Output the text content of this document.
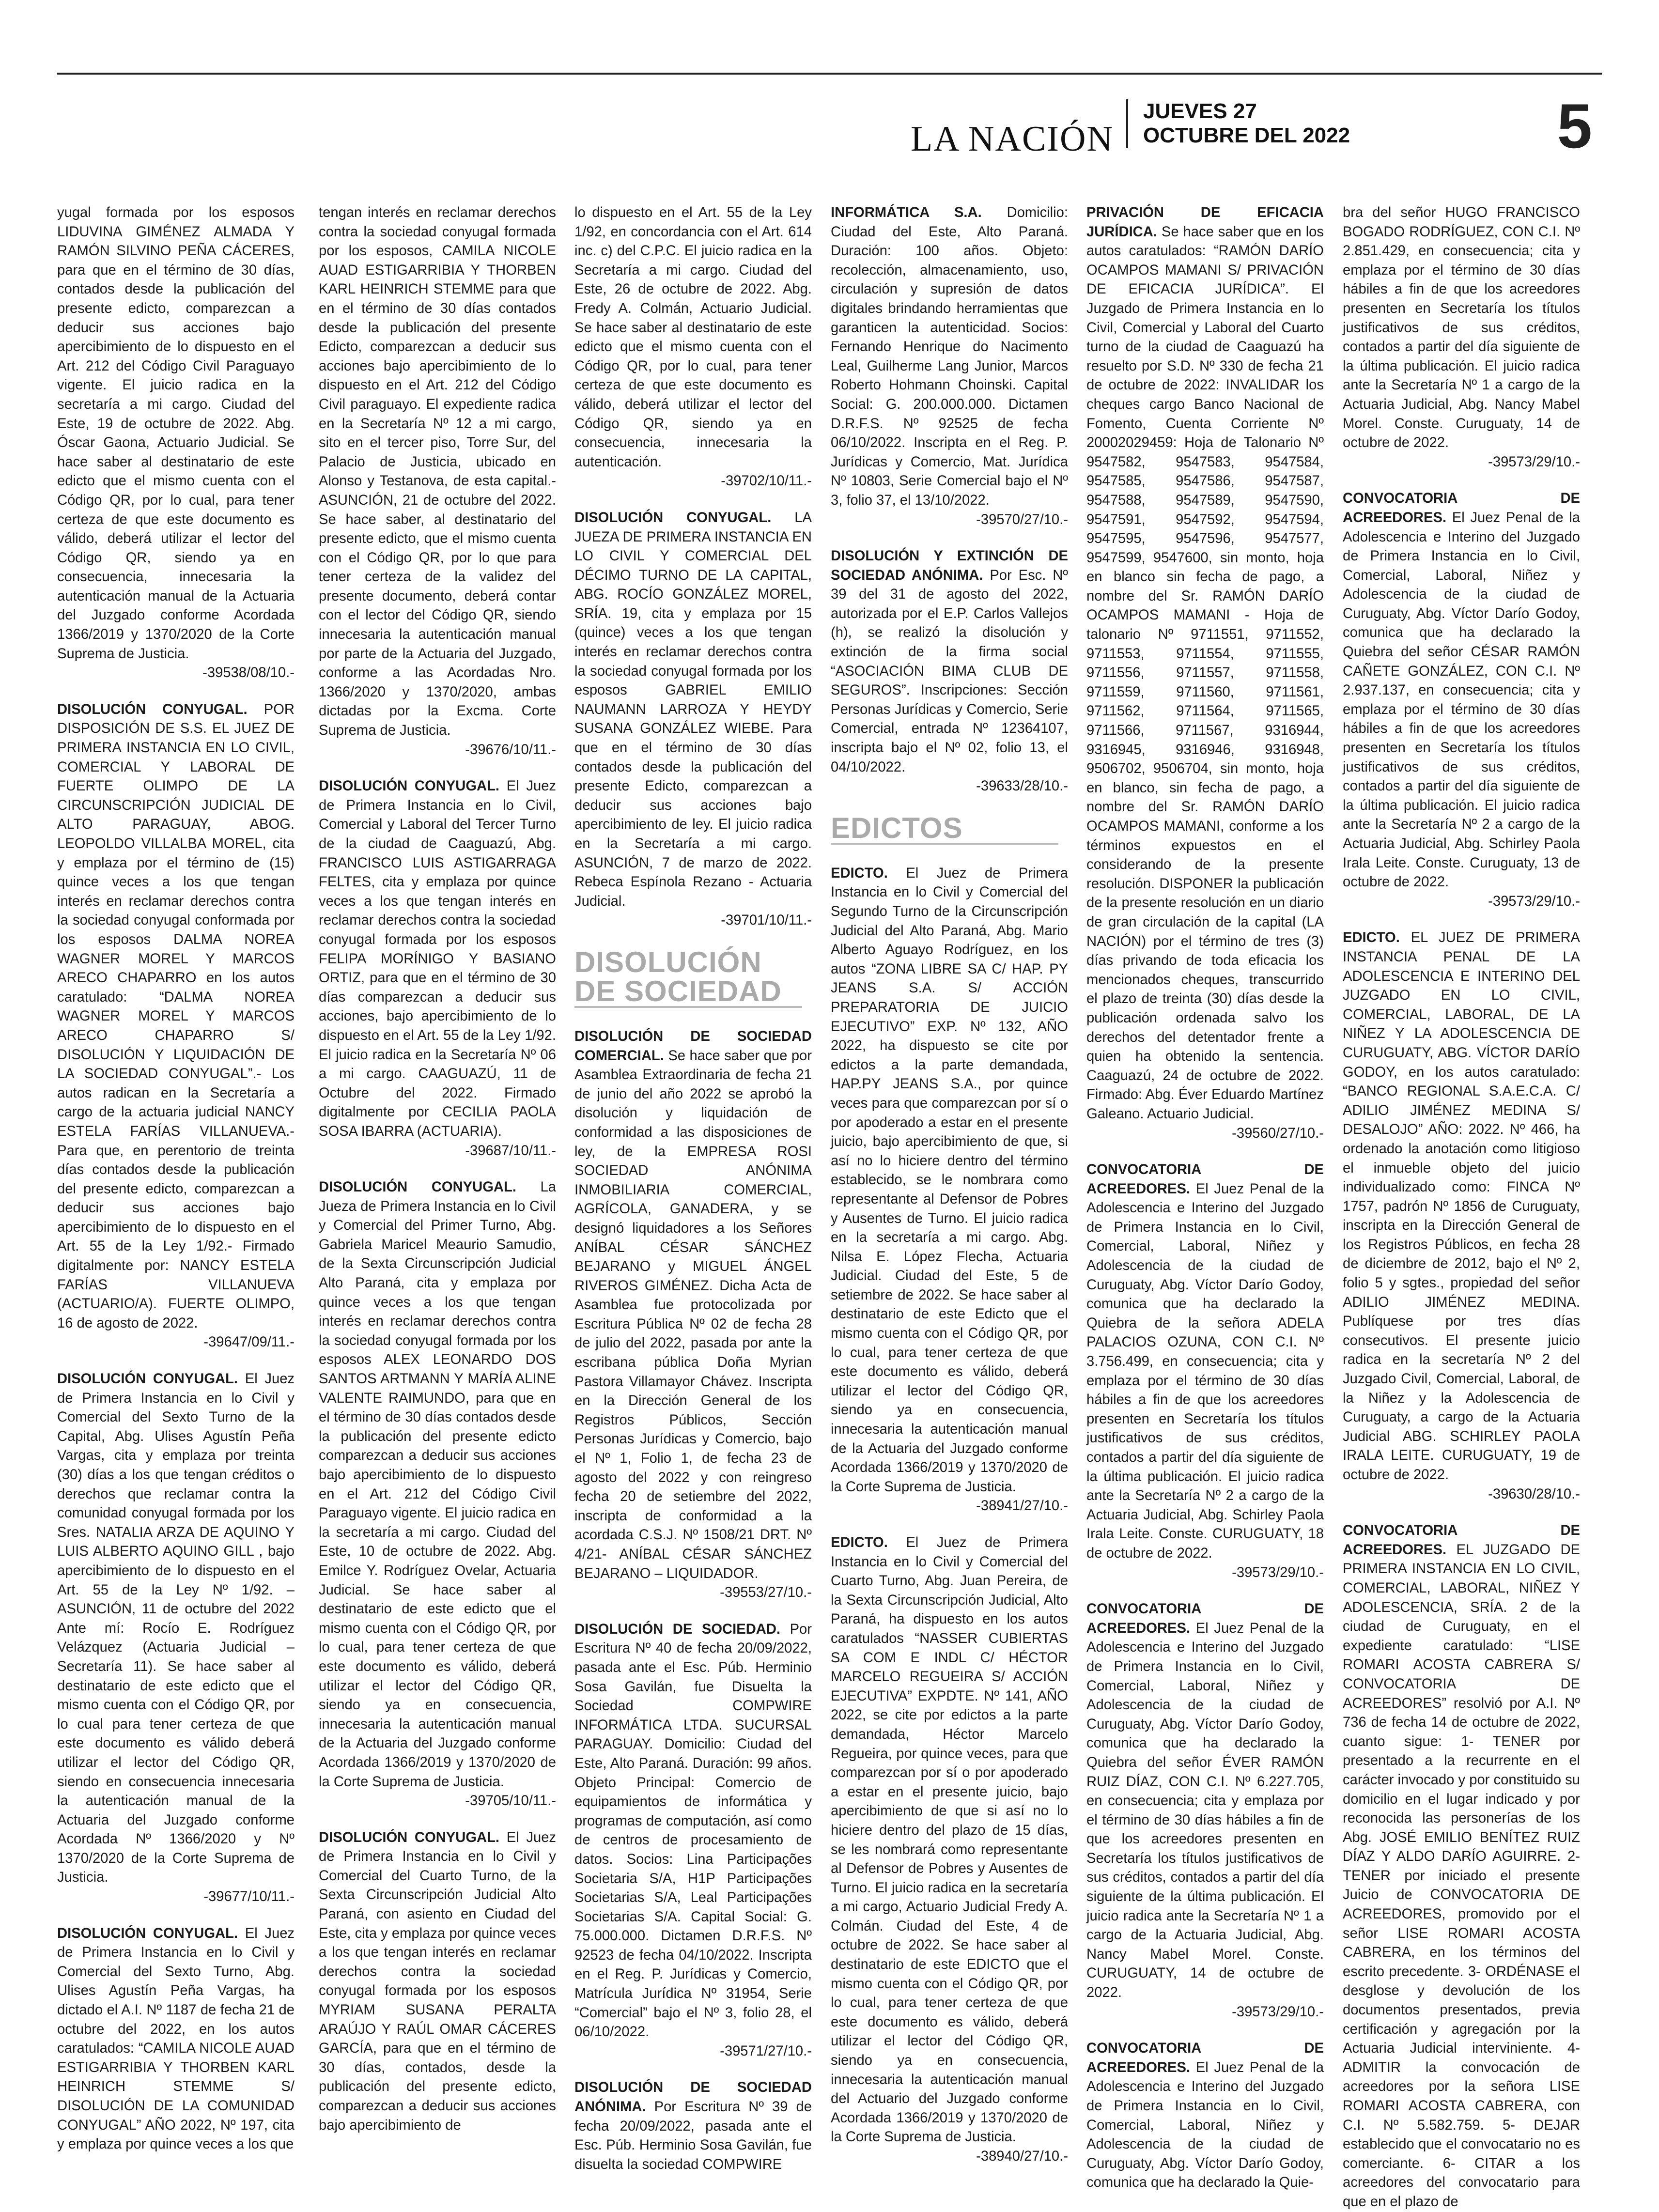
LA NACIÓN
JUEVES 27
OCTUBRE DEL 2022	5

yugal formada por los esposos LIDUVINA GIMÉNEZ ALMADA Y RAMÓN SILVINO PEÑA CÁCERES, para que en el término de 30 días, contados desde la publicación del presente edicto, comparezcan a deducir sus acciones bajo apercibimiento de lo dispuesto en el Art. 212 del Código Civil Paraguayo vigente. El juicio radica en la secretaría a mi cargo. Ciudad del Este, 19 de octubre de 2022. Abg. Óscar Gaona, Actuario Judicial. Se hace saber al destinatario de este edicto que el mismo cuenta con el Código QR, por lo cual, para tener certeza de que este documento es válido, deberá utilizar el lector del Código QR, siendo ya en consecuencia, innecesaria la autenticación manual de la Actuaria del Juzgado conforme Acordada 1366/2019 y 1370/2020 de la Corte Suprema de Justicia.
-39538/08/10.-

DISOLUCIÓN CONYUGAL. POR DISPOSICIÓN DE S.S. EL JUEZ DE PRIMERA INSTANCIA EN LO CIVIL, COMERCIAL Y LABORAL DE FUERTE OLIMPO DE LA CIRCUNSCRIPCIÓN JUDICIAL DE ALTO PARAGUAY, ABOG. LEOPOLDO VILLALBA MOREL, cita y emplaza por el término de (15) quince veces a los que tengan interés en reclamar derechos contra la sociedad conyugal conformada por los esposos DALMA NOREA WAGNER MOREL Y MARCOS ARECO CHAPARRO en los autos caratulado: “DALMA NOREA WAGNER MOREL Y MARCOS ARECO CHAPARRO S/ DISOLUCIÓN Y LIQUIDACIÓN DE LA SOCIEDAD CONYUGAL”.- Los autos radican en la Secretaría a cargo de la actuaria judicial NANCY ESTELA FARÍAS VILLANUEVA.- Para que, en perentorio de treinta días contados desde la publicación del presente edicto, comparezcan a deducir sus acciones bajo apercibimiento de lo dispuesto en el Art. 55 de la Ley 1/92.- Firmado digitalmente por: NANCY ESTELA FARÍAS VILLANUEVA (ACTUARIO/A). FUERTE OLIMPO, 16 de agosto de 2022.
-39647/09/11.-

DISOLUCIÓN CONYUGAL. El Juez de Primera Instancia en lo Civil y Comercial del Sexto Turno de la Capital, Abg. Ulises Agustín Peña Vargas, cita y emplaza por treinta (30) días a los que tengan créditos o derechos que reclamar contra la comunidad conyugal formada por los Sres. NATALIA ARZA DE AQUINO Y LUIS ALBERTO AQUINO GILL , bajo apercibimiento de lo dispuesto en el Art. 55 de la Ley Nº 1/92. – ASUNCIÓN, 11 de octubre del 2022 Ante mí: Rocío E. Rodríguez Velázquez (Actuaria Judicial – Secretaría 11). Se hace saber al destinatario de este edicto que el mismo cuenta con el Código QR, por lo cual para tener certeza de que este documento es válido deberá utilizar el lector del Código QR, siendo en consecuencia innecesaria la autenticación manual de la Actuaria del Juzgado conforme Acordada Nº 1366/2020 y Nº 1370/2020 de la Corte Suprema de Justicia.
-39677/10/11.-

DISOLUCIÓN CONYUGAL. El Juez de Primera Instancia en lo Civil y Comercial del Sexto Turno, Abg. Ulises Agustín Peña Vargas, ha dictado el A.I. Nº 1187 de fecha 21 de octubre del 2022, en los autos caratulados: “CAMILA NICOLE AUAD ESTIGARRIBIA Y THORBEN KARL HEINRICH STEMME S/ DISOLUCIÓN DE LA COMUNIDAD CONYUGAL” AÑO 2022, Nº 197, cita y emplaza por quince veces a los que

tengan interés en reclamar derechos contra la sociedad conyugal formada por los esposos, CAMILA NICOLE AUAD ESTIGARRIBIA Y THORBEN KARL HEINRICH STEMME para que en el término de 30 días contados desde la publicación del presente Edicto, comparezcan a deducir sus acciones bajo apercibimiento de lo dispuesto en el Art. 212 del Código Civil paraguayo. El expediente radica en la Secretaría Nº 12 a mi cargo, sito en el tercer piso, Torre Sur, del Palacio de Justicia, ubicado en Alonso y Testanova, de esta capital.- ASUNCIÓN, 21 de octubre del 2022. Se hace saber, al destinatario del presente edicto, que el mismo cuenta con el Código QR, por lo que para tener certeza de la validez del presente documento, deberá contar con el lector del Código QR, siendo innecesaria la autenticación manual por parte de la Actuaria del Juzgado, conforme a las Acordadas Nro. 1366/2020 y 1370/2020, ambas dictadas por la Excma. Corte Suprema de Justicia.
-39676/10/11.-

DISOLUCIÓN CONYUGAL. El Juez de Primera Instancia en lo Civil, Comercial y Laboral del Tercer Turno de la ciudad de Caaguazú, Abg. FRANCISCO LUIS ASTIGARRAGA FELTES, cita y emplaza por quince veces a los que tengan interés en reclamar derechos contra la sociedad conyugal formada por los esposos FELIPA MORÍNIGO Y BASIANO ORTIZ, para que en el término de 30 días comparezcan a deducir sus acciones, bajo apercibimiento de lo dispuesto en el Art. 55 de la Ley 1/92. El juicio radica en la Secretaría Nº 06 a mi cargo. CAAGUAZÚ, 11 de Octubre del 2022. Firmado digitalmente por CECILIA PAOLA SOSA IBARRA (ACTUARIA).
-39687/10/11.-

DISOLUCIÓN CONYUGAL. La Jueza de Primera Instancia en lo Civil y Comercial del Primer Turno, Abg. Gabriela Maricel Meaurio Samudio, de la Sexta Circunscripción Judicial Alto Paraná, cita y emplaza por quince veces a los que tengan interés en reclamar derechos contra la sociedad conyugal formada por los esposos ALEX LEONARDO DOS SANTOS ARTMANN Y MARÍA ALINE VALENTE RAIMUNDO, para que en el término de 30 días contados desde la publicación del presente edicto comparezcan a deducir sus acciones bajo apercibimiento de lo dispuesto en el Art. 212 del Código Civil Paraguayo vigente. El juicio radica en la secretaría a mi cargo. Ciudad del Este, 10 de octubre de 2022. Abg. Emilce Y. Rodríguez Ovelar, Actuaria Judicial. Se hace saber al destinatario de este edicto que el mismo cuenta con el Código QR, por lo cual, para tener certeza de que este documento es válido, deberá utilizar el lector del Código QR, siendo ya en consecuencia, innecesaria la autenticación manual de la Actuaria del Juzgado conforme Acordada 1366/2019 y 1370/2020 de la Corte Suprema de Justicia.
-39705/10/11.-

DISOLUCIÓN CONYUGAL. El Juez de Primera Instancia en lo Civil y Comercial del Cuarto Turno, de la Sexta Circunscripción Judicial Alto Paraná, con asiento en Ciudad del Este, cita y emplaza por quince veces a los que tengan interés en reclamar derechos contra la sociedad conyugal formada por los esposos MYRIAM SUSANA PERALTA ARAÚJO Y RAÚL OMAR CÁCERES GARCÍA, para que en el término de 30 días, contados, desde la publicación del presente edicto, comparezcan a deducir sus acciones bajo apercibimiento de

lo dispuesto en el Art. 55 de la Ley 1/92, en concordancia con el Art. 614 inc. c) del C.P.C. El juicio radica en la Secretaría a mi cargo. Ciudad del Este, 26 de octubre de 2022. Abg. Fredy A. Colmán, Actuario Judicial. Se hace saber al destinatario de este edicto que el mismo cuenta con el Código QR, por lo cual, para tener certeza de que este documento es válido, deberá utilizar el lector del Código QR, siendo ya en consecuencia, innecesaria la autenticación.
-39702/10/11.-

DISOLUCIÓN CONYUGAL. LA JUEZA DE PRIMERA INSTANCIA EN LO CIVIL Y COMERCIAL DEL DÉCIMO TURNO DE LA CAPITAL, ABG. ROCÍO GONZÁLEZ MOREL, SRÍA. 19, cita y emplaza por 15 (quince) veces a los que tengan interés en reclamar derechos contra la sociedad conyugal formada por los esposos GABRIEL EMILIO NAUMANN LARROZA Y HEYDY SUSANA GONZÁLEZ WIEBE. Para que en el término de 30 días contados desde la publicación del presente Edicto, comparezcan a deducir sus acciones bajo apercibimiento de ley. El juicio radica en la Secretaría a mi cargo. ASUNCIÓN, 7 de marzo de 2022. Rebeca Espínola Rezano - Actuaria Judicial.
-39701/10/11.-

DISOLUCIÓN DE SOCIEDAD

DISOLUCIÓN DE SOCIEDAD COMERCIAL. Se hace saber que por Asamblea Extraordinaria de fecha 21 de junio del año 2022 se aprobó la disolución y liquidación de conformidad a las disposiciones de ley, de la EMPRESA ROSI SOCIEDAD ANÓNIMA INMOBILIARIA COMERCIAL, AGRÍCOLA, GANADERA, y se designó liquidadores a los Señores ANÍBAL CÉSAR SÁNCHEZ BEJARANO y MIGUEL ÁNGEL RIVEROS GIMÉNEZ. Dicha Acta de Asamblea fue protocolizada por Escritura Pública Nº 02 de fecha 28 de julio del 2022, pasada por ante la escribana pública Doña Myrian Pastora Villamayor Chávez. Inscripta en la Dirección General de los Registros Públicos, Sección Personas Jurídicas y Comercio, bajo el Nº 1, Folio 1, de fecha 23 de agosto del 2022 y con reingreso fecha 20 de setiembre del 2022, inscripta de conformidad a la acordada C.S.J. Nº 1508/21 DRT. Nº 4/21- ANÍBAL CÉSAR SÁNCHEZ BEJARANO – LIQUIDADOR.
-39553/27/10.-

DISOLUCIÓN DE SOCIEDAD. Por Escritura Nº 40 de fecha 20/09/2022, pasada ante el Esc. Púb. Herminio Sosa Gavilán, fue Disuelta la Sociedad COMPWIRE INFORMÁTICA LTDA. SUCURSAL PARAGUAY. Domicilio: Ciudad del Este, Alto Paraná. Duración: 99 años. Objeto Principal: Comercio de equipamientos de informática y programas de computación, así como de centros de procesamiento de datos. Socios: Lina Participações Societaria S/A, H1P Participações Societarias S/A, Leal Participações Societarias S/A. Capital Social: G. 75.000.000. Dictamen D.R.F.S. Nº 92523 de fecha 04/10/2022. Inscripta en el Reg. P. Jurídicas y Comercio, Matrícula Jurídica Nº 31954, Serie “Comercial” bajo el Nº 3, folio 28, el 06/10/2022.
-39571/27/10.-

DISOLUCIÓN DE SOCIEDAD ANÓNIMA. Por Escritura Nº 39 de fecha 20/09/2022, pasada ante el Esc. Púb. Herminio Sosa Gavilán, fue disuelta la sociedad COMPWIRE

INFORMÁTICA S.A. Domicilio: Ciudad del Este, Alto Paraná. Duración: 100 años. Objeto: recolección, almacenamiento, uso, circulación y supresión de datos digitales brindando herramientas que garanticen la autenticidad. Socios: Fernando Henrique do Nacimento Leal, Guilherme Lang Junior, Marcos Roberto Hohmann Choinski. Capital Social: G. 200.000.000. Dictamen D.R.F.S. Nº 92525 de fecha 06/10/2022. Inscripta en el Reg. P. Jurídicas y Comercio, Mat. Jurídica Nº 10803, Serie Comercial bajo el Nº 3, folio 37, el 13/10/2022.
-39570/27/10.-

DISOLUCIÓN Y EXTINCIÓN DE SOCIEDAD ANÓNIMA. Por Esc. Nº 39 del 31 de agosto del 2022, autorizada por el E.P. Carlos Vallejos (h), se realizó la disolución y extinción de la firma social “ASOCIACIÓN BIMA CLUB DE SEGUROS”. Inscripciones: Sección Personas Jurídicas y Comercio, Serie Comercial, entrada Nº 12364107, inscripta bajo el Nº 02, folio 13, el 04/10/2022.
-39633/28/10.-

EDICTOS

EDICTO. El Juez de Primera Instancia en lo Civil y Comercial del Segundo Turno de la Circunscripción Judicial del Alto Paraná, Abg. Mario Alberto Aguayo Rodríguez, en los autos “ZONA LIBRE SA C/ HAP. PY JEANS S.A. S/ ACCIÓN PREPARATORIA DE JUICIO EJECUTIVO” EXP. Nº 132, AÑO 2022, ha dispuesto se cite por edictos a la parte demandada, HAP.PY JEANS S.A., por quince veces para que comparezcan por sí o por apoderado a estar en el presente juicio, bajo apercibimiento de que, si así no lo hiciere dentro del término establecido, se le nombrara como representante al Defensor de Pobres y Ausentes de Turno. El juicio radica en la secretaría a mi cargo. Abg. Nilsa E. López Flecha, Actuaria Judicial. Ciudad del Este, 5 de setiembre de 2022. Se hace saber al destinatario de este Edicto que el mismo cuenta con el Código QR, por lo cual, para tener certeza de que este documento es válido, deberá utilizar el lector del Código QR, siendo ya en consecuencia, innecesaria la autenticación manual de la Actuaria del Juzgado conforme Acordada 1366/2019 y 1370/2020 de la Corte Suprema de Justicia.
-38941/27/10.-

EDICTO. El Juez de Primera Instancia en lo Civil y Comercial del Cuarto Turno, Abg. Juan Pereira, de la Sexta Circunscripción Judicial, Alto Paraná, ha dispuesto en los autos caratulados “NASSER CUBIERTAS SA COM E INDL C/ HÉCTOR MARCELO REGUEIRA S/ ACCIÓN EJECUTIVA” EXPDTE. Nº 141, AÑO 2022, se cite por edictos a la parte demandada, Héctor Marcelo Regueira, por quince veces, para que comparezcan por sí o por apoderado a estar en el presente juicio, bajo apercibimiento de que si así no lo hiciere dentro del plazo de 15 días, se les nombrará como representante al Defensor de Pobres y Ausentes de Turno. El juicio radica en la secretaría a mi cargo, Actuario Judicial Fredy A. Colmán. Ciudad del Este, 4 de octubre de 2022. Se hace saber al destinatario de este EDICTO que el mismo cuenta con el Código QR, por lo cual, para tener certeza de que este documento es válido, deberá utilizar el lector del Código QR, siendo ya en consecuencia, innecesaria la autenticación manual del Actuario del Juzgado conforme Acordada 1366/2019 y 1370/2020 de la Corte Suprema de Justicia.
-38940/27/10.-

PRIVACIÓN DE EFICACIA JURÍDICA. Se hace saber que en los autos caratulados: “RAMÓN DARÍO OCAMPOS MAMANI S/ PRIVACIÓN DE EFICACIA JURÍDICA”. El Juzgado de Primera Instancia en lo Civil, Comercial y Laboral del Cuarto turno de la ciudad de Caaguazú ha resuelto por S.D. Nº 330 de fecha 21 de octubre de 2022: INVALIDAR los cheques cargo Banco Nacional de Fomento, Cuenta Corriente Nº 20002029459: Hoja de Talonario Nº 9547582, 9547583, 9547584, 9547585, 9547586, 9547587, 9547588, 9547589, 9547590, 9547591, 9547592, 9547594, 9547595, 9547596, 9547577, 9547599, 9547600, sin monto, hoja en blanco sin fecha de pago, a nombre del Sr. RAMÓN DARÍO OCAMPOS MAMANI - Hoja de talonario Nº 9711551, 9711552, 9711553, 9711554, 9711555, 9711556, 9711557, 9711558, 9711559, 9711560, 9711561, 9711562, 9711564, 9711565, 9711566, 9711567, 9316944, 9316945, 9316946, 9316948, 9506702, 9506704, sin monto, hoja en blanco, sin fecha de pago, a nombre del Sr. RAMÓN DARÍO OCAMPOS MAMANI, conforme a los términos expuestos en el considerando de la presente resolución. DISPONER la publicación de la presente resolución en un diario de gran circulación de la capital (LA NACIÓN) por el término de tres (3) días privando de toda eficacia los mencionados cheques, transcurrido el plazo de treinta (30) días desde la publicación ordenada salvo los derechos del detentador frente a quien ha obtenido la sentencia. Caaguazú, 24 de octubre de 2022. Firmado: Abg. Éver Eduardo Martínez Galeano. Actuario Judicial.
-39560/27/10.-

CONVOCATORIA DE ACREEDORES. El Juez Penal de la Adolescencia e Interino del Juzgado de Primera Instancia en lo Civil, Comercial, Laboral, Niñez y Adolescencia de la ciudad de Curuguaty, Abg. Víctor Darío Godoy, comunica que ha declarado la Quiebra de la señora ADELA PALACIOS OZUNA, CON C.I. Nº 3.756.499, en consecuencia; cita y emplaza por el término de 30 días hábiles a fin de que los acreedores presenten en Secretaría los títulos justificativos de sus créditos, contados a partir del día siguiente de la última publicación. El juicio radica ante la Secretaría Nº 2 a cargo de la Actuaria Judicial, Abg. Schirley Paola Irala Leite. Conste. CURUGUATY, 18 de octubre de 2022.
-39573/29/10.-

CONVOCATORIA DE ACREEDORES. El Juez Penal de la Adolescencia e Interino del Juzgado de Primera Instancia en lo Civil, Comercial, Laboral, Niñez y Adolescencia de la ciudad de Curuguaty, Abg. Víctor Darío Godoy, comunica que ha declarado la Quiebra del señor ÉVER RAMÓN RUIZ DÍAZ, CON C.I. Nº 6.227.705, en consecuencia; cita y emplaza por el término de 30 días hábiles a fin de que los acreedores presenten en Secretaría los títulos justificativos de sus créditos, contados a partir del día siguiente de la última publicación. El juicio radica ante la Secretaría Nº 1 a cargo de la Actuaria Judicial, Abg. Nancy Mabel Morel. Conste. CURUGUATY, 14 de octubre de 2022.
-39573/29/10.-

CONVOCATORIA DE ACREEDORES. El Juez Penal de la Adolescencia e Interino del Juzgado de Primera Instancia en lo Civil, Comercial, Laboral, Niñez y Adolescencia de la ciudad de Curuguaty, Abg. Víctor Darío Godoy, comunica que ha declarado la Quie-

bra del señor HUGO FRANCISCO BOGADO RODRÍGUEZ, CON C.I. Nº 2.851.429, en consecuencia; cita y emplaza por el término de 30 días hábiles a fin de que los acreedores presenten en Secretaría los títulos justificativos de sus créditos, contados a partir del día siguiente de la última publicación. El juicio radica ante la Secretaría Nº 1 a cargo de la Actuaria Judicial, Abg. Nancy Mabel Morel. Conste. Curuguaty, 14 de octubre de 2022.
-39573/29/10.-

CONVOCATORIA DE ACREEDORES. El Juez Penal de la Adolescencia e Interino del Juzgado de Primera Instancia en lo Civil, Comercial, Laboral, Niñez y Adolescencia de la ciudad de Curuguaty, Abg. Víctor Darío Godoy, comunica que ha declarado la Quiebra del señor CÉSAR RAMÓN CAÑETE GONZÁLEZ, CON C.I. Nº 2.937.137, en consecuencia; cita y emplaza por el término de 30 días hábiles a fin de que los acreedores presenten en Secretaría los títulos justificativos de sus créditos, contados a partir del día siguiente de la última publicación. El juicio radica ante la Secretaría Nº 2 a cargo de la Actuaria Judicial, Abg. Schirley Paola Irala Leite. Conste. Curuguaty, 13 de octubre de 2022.
-39573/29/10.-

EDICTO. EL JUEZ DE PRIMERA INSTANCIA PENAL DE LA ADOLESCENCIA E INTERINO DEL JUZGADO EN LO CIVIL, COMERCIAL, LABORAL, DE LA NIÑEZ Y LA ADOLESCENCIA DE CURUGUATY, ABG. VÍCTOR DARÍO GODOY, en los autos caratulado: “BANCO REGIONAL S.A.E.C.A. C/ ADILIO JIMÉNEZ MEDINA S/ DESALOJO” AÑO: 2022. Nº 466, ha ordenado la anotación como litigioso el inmueble objeto del juicio individualizado como: FINCA Nº 1757, padrón Nº 1856 de Curuguaty, inscripta en la Dirección General de los Registros Públicos, en fecha 28 de diciembre de 2012, bajo el Nº 2, folio 5 y sgtes., propiedad del señor ADILIO JIMÉNEZ MEDINA. Publíquese por tres días consecutivos. El presente juicio radica en la secretaría Nº 2 del Juzgado Civil, Comercial, Laboral, de la Niñez y la Adolescencia de Curuguaty, a cargo de la Actuaria Judicial ABG. SCHIRLEY PAOLA IRALA LEITE. CURUGUATY, 19 de octubre de 2022.
-39630/28/10.-

CONVOCATORIA DE ACREEDORES. EL JUZGADO DE PRIMERA INSTANCIA EN LO CIVIL, COMERCIAL, LABORAL, NIÑEZ Y ADOLESCENCIA, SRÍA. 2 de la ciudad de Curuguaty, en el expediente caratulado: “LISE ROMARI ACOSTA CABRERA S/ CONVOCATORIA DE ACREEDORES” resolvió por A.I. Nº 736 de fecha 14 de octubre de 2022, cuanto sigue: 1- TENER por presentado a la recurrente en el carácter invocado y por constituido su domicilio en el lugar indicado y por reconocida las personerías de los Abg. JOSÉ EMILIO BENÍTEZ RUIZ DÍAZ Y ALDO DARÍO AGUIRRE. 2- TENER por iniciado el presente Juicio de CONVOCATORIA DE ACREEDORES, promovido por el señor LISE ROMARI ACOSTA CABRERA, en los términos del escrito precedente. 3- ORDÉNASE el desglose y devolución de los documentos presentados, previa certificación y agregación por la Actuaria Judicial interviniente. 4- ADMITIR la convocación de acreedores por la señora LISE ROMARI ACOSTA CABRERA, con C.I. Nº 5.582.759. 5- DEJAR establecido que el convocatario no es comerciante. 6- CITAR a los acreedores del convocatario para que en el plazo de
